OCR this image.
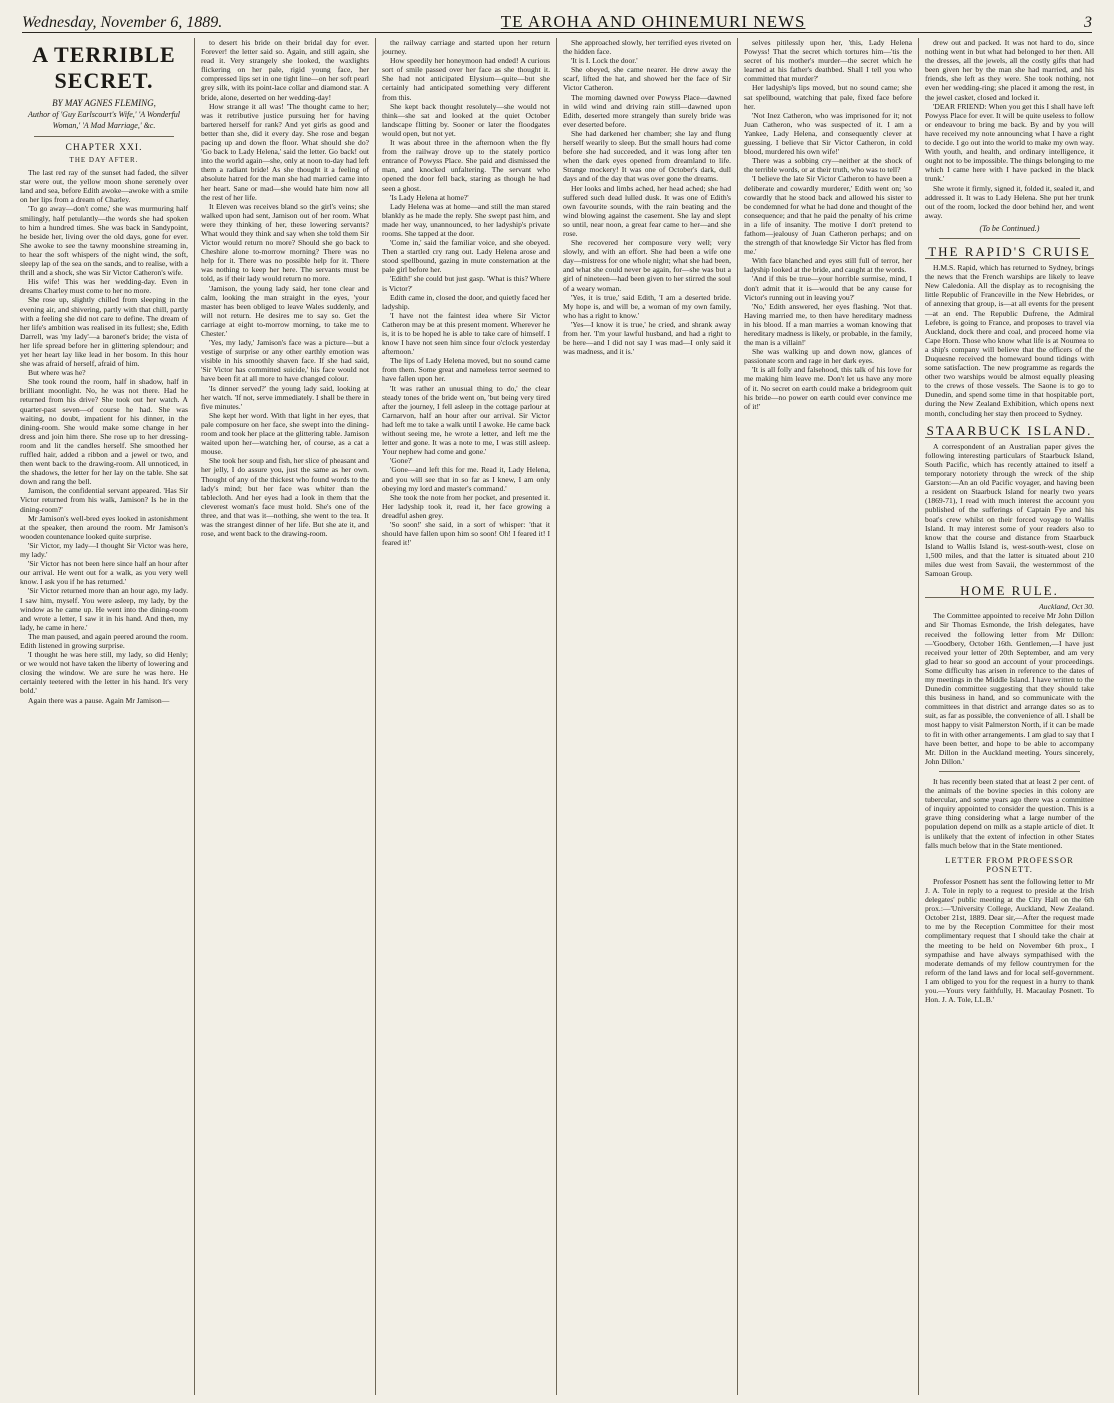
Wednesday, November 6, 1889.	TE AROHA AND OHINEMURI NEWS	3
A TERRIBLE SECRET.
BY MAY AGNES FLEMING,
Author of 'Guy Earlscourt's Wife,' 'A Wonderful Woman,' 'A Mad Marriage,' &c.
CHAPTER XXI.
THE DAY AFTER.

The last red ray of the sunset had faded, the silver star were out, the yellow moon shone serenely over land and sea, before Edith awoke—awoke with a smile on her lips from a dream of Charley.

'To go away—don't come,' she was murmuring half smilingly, half petulantly—the words she had spoken to him a hundred times. She was back in Sandypoint, he beside her, living over the old days, gone for ever. She awoke to see the tawny moonshine streaming in, to hear the soft whispers of the night wind, the soft, sleepy lap of the sea on the sands, and to realise, with a thrill and a shock, she was Sir Victor Catheron's wife.

His wife! This was her wedding-day. Even in dreams Charley must come to her no more.

She rose up, slightly chilled from sleeping in the evening air, and shivering, partly with that chill, partly with a feeling she did not care to define. The dream of her life's ambition was realised in its fullest; she, Edith Darrell, was 'my lady'—a baronet's bride; the vista of her life spread before her in glittering splendour; and yet her heart lay like lead in her bosom. In this hour she was afraid of herself, afraid of him.

But where was he?

She took round the room, half in shadow, half in brilliant moonlight. No, he was not there. Had he returned from his drive? She took out her watch. A quarter-past seven—of course he had. She was waiting, no doubt, impatient for his dinner, in the dining-room. She would make some change in her dress and join him there. She rose up to her dressing-room and lit the candles herself. She smoothed her ruffled hair, added a ribbon and a jewel or two, and then went back to the drawing-room. All unnoticed, in the shadows, the letter for her lay on the table. She sat down and rang the bell.

Jamison, the confidential servant appeared. 'Has Sir Victor returned from his walk, Jamison? Is he in the dining-room?'

Mr Jamison's well-bred eyes looked in astonishment at the speaker, then around the room. Mr Jamison's wooden countenance looked quite surprise.

'Sir Victor, my lady—I thought Sir Victor was here, my lady.'

'Sir Victor has not been here since half an hour after our arrival. He went out for a walk, as you very well know. I ask you if he has returned.'

'Sir Victor returned more than an hour ago, my lady. I saw him, myself. You were asleep, my lady, by the window as he came up. He went into the dining-room and wrote a letter, I saw it in his hand. And then, my lady, he came in here.'

The man paused, and again peered around the room. Edith listened in growing surprise.

'I thought he was here still, my lady, so did Henly; or we would not have taken the liberty of lowering and closing the window. We are sure he was here. He certainly teetered with the letter in his hand. It's very bold.'

Again there was a pause. Again Mr Jamison—

to desert his bride on their bridal day for ever. Forever! the letter said so. Again, and still again, she read it. Very strangely she looked, the waxlights flickering on her pale, rigid young face, her compressed lips set in one tight line—on her soft pearl grey silk, with its point-lace collar and diamond star. A bride, alone, deserted on her wedding-day!

How strange it all was! 'The thought came to her; was it retributive justice pursuing her for having bartered herself for rank? And yet girls as good and better than she, did it every day. She rose and began pacing up and down the floor. What should she do? 'Go back to Lady Helena,' said the letter. Go back! out into the world again—she, only at noon to-day had left them a radiant bride! As she thought it a feeling of absolute hatred for the man she had married came into her heart. Sane or mad—she would hate him now all the rest of her life.

It Eleven was receives bland so the girl's veins; she walked upon had sent, Jamison out of her room. What were they thinking of her, these lowering servants? What would they think and say when she told them Sir Victor would return no more? Should she go back to Cheshire alone to-morrow morning? There was no help for it. There was no possible help for it. There was nothing to keep her here. The servants must be told, as if their lady would return no more.

'Jamison, the young lady said, her tone clear and calm, looking the man straight in the eyes, 'your master has been obliged to leave Wales suddenly, and will not return. He desires me to say so. Get the carriage at eight to-morrow morning, to take me to Chester.'

'Yes, my lady,' Jamison's face was a picture—but a vestige of surprise or any other earthly emotion was visible in his smoothly shaven face. If she had said, 'Sir Victor has committed suicide,' his face would not have been fit at all more to have changed colour.

'Is dinner served?' the young lady said, looking at her watch. 'If not, serve immediately. I shall be there in five minutes.'

She kept her word. With that light in her eyes, that pale composure on her face, she swept into the dining-room and took her place at the glittering table. Jamison waited upon her—watching her, of course, as a cat a mouse.

She took her soup and fish, her slice of pheasant and her jelly, I do assure you, just the same as her own. Thought of any of the thickest who found words to the lady's mind; but her face was whiter than the tablecloth. And her eyes had a look in them that the cleverest woman's face must hold. She's one of the three, and that was it—nothing, she went to the tea. It was the strangest dinner of her life. But she ate it, and rose, and went back to the drawing-room.

the railway carriage and started upon her return journey.

How speedily her honeymoon had ended! A curious sort of smile passed over her face as she thought it. She had not anticipated Elysium—quite—but she certainly had anticipated something very different from this.

She kept back thought resolutely—she would not think—she sat and looked at the quiet October landscape flitting by. Sooner or later the floodgates would open, but not yet.

It was about three in the afternoon when the fly from the railway drove up to the stately portico entrance of Powyss Place. She paid and dismissed the man, and knocked unfaltering. The servant who opened the door fell back, staring as though he had seen a ghost.

'Is Lady Helena at home?'

Lady Helena was at home—and still the man stared blankly as he made the reply. She swept past him, and made her way, unannounced, to her ladyship's private rooms. She tapped at the door.

'Come in,' said the familiar voice, and she obeyed. Then a startled cry rang out. Lady Helena arose and stood spellbound, gazing in mute consternation at the pale girl before her.

'Edith!' she could but just gasp. 'What is this? Where is Victor?'

Edith came in, closed the door, and quietly faced her ladyship.

'I have not the faintest idea where Sir Victor Catheron may be at this present moment. Wherever he is, it is to be hoped he is able to take care of himself. I know I have not seen him since four o'clock yesterday afternoon.'

The lips of Lady Helena moved, but no sound came from them. Some great and nameless terror seemed to have fallen upon her.

'It was rather an unusual thing to do,' the clear steady tones of the bride went on, 'but being very tired after the journey, I fell asleep in the cottage parlour at Carnarvon, half an hour after our arrival. Sir Victor had left me to take a walk until I awoke. He came back without seeing me, he wrote a letter, and left me the letter and gone. It was a note to me, I was still asleep. Your nephew had come and gone.'

'Gone?'

'Gone—and left this for me. Read it, Lady Helena, and you will see that in so far as I knew, I am only obeying my lord and master's command.'

She took the note from her pocket, and presented it. Her ladyship took it, read it, her face growing a dreadful ashen grey.

'So soon!' she said, in a sort of whisper: 'that it should have fallen upon him so soon! Oh! I feared it! I feared it!'

She approached slowly, her terrified eyes riveted on the hidden face.

'It is I. Lock the door.'

She obeyed, she came nearer. He drew away the scarf, lifted the hat, and showed her the face of Sir Victor Catheron.

The morning dawned over Powyss Place—dawned in wild wind and driving rain still—dawned upon Edith, deserted more strangely than surely bride was ever deserted before.

She had darkened her chamber; she lay and flung herself wearily to sleep. But the small hours had come before she had succeeded, and it was long after ten when the dark eyes opened from dreamland to life. Strange mockery! It was one of October's dark, dull days and of the day that was over gone the dreams.

Her looks and limbs ached, her head ached; she had suffered such dead lulled dusk. It was one of Edith's own favourite sounds, with the rain beating and the wind blowing against the casement. She lay and slept so until, near noon, a great fear came to her—and she rose.

She recovered her composure very well; very slowly, and with an effort. She had been a wife one day—mistress for one whole night; what she had been, and what she could never be again, for—she was but a girl of nineteen—had been given to her stirred the soul of a weary woman.

'Yes, it is true,' said Edith, 'I am a deserted bride. My hope is, and will be, a woman of my own family, who has a right to know.'

'Yes—I know it is true,' he cried, and shrank away from her. 'I'm your lawful husband, and had a right to be here—and I did not say I was mad—I only said it was madness, and it is.'

selves pitilessly upon her, 'this, Lady Helena Powyss! That the secret which tortures him—'tis the secret of his mother's murder—the secret which he learned at his father's deathbed. Shall I tell you who committed that murder?'

Her ladyship's lips moved, but no sound came; she sat spellbound, watching that pale, fixed face before her.

'Not Inez Catheron, who was imprisoned for it; not Juan Catheron, who was suspected of it. I am a Yankee, Lady Helena, and consequently clever at guessing. I believe that Sir Victor Catheron, in cold blood, murdered his own wife!'

There was a sobbing cry—neither at the shock of the terrible words, or at their truth, who was to tell?

'I believe the late Sir Victor Catheron to have been a deliberate and cowardly murderer,' Edith went on; 'so cowardly that he stood back and allowed his sister to be condemned for what he had done and thought of the consequence; and that he paid the penalty of his crime in a life of insanity. The motive I don't pretend to fathom—jealousy of Juan Catheron perhaps; and on the strength of that knowledge Sir Victor has fled from me.'

With face blanched and eyes still full of terror, her ladyship looked at the bride, and caught at the words.

'And if this be true—your horrible surmise, mind, I don't admit that it is—would that be any cause for Victor's running out in leaving you?'

'No,' Edith answered, her eyes flashing. 'Not that. Having married me, to then have hereditary madness in his blood. If a man marries a woman knowing that hereditary madness is likely, or probable, in the family, the man is a villain!'

She was walking up and down now, glances of passionate scorn and rage in her dark eyes.

'It is all folly and falsehood, this talk of his love for me making him leave me. Don't let us have any more of it. No secret on earth could make a bridegroom quit his bride—no power on earth could ever convince me of it!'

drew out and packed. It was not hard to do, since nothing went in but what had belonged to her then. All the dresses, all the jewels, all the costly gifts that had been given her by the man she had married, and his friends, she left as they were. She took nothing, not even her wedding-ring; she placed it among the rest, in the jewel casket, closed and locked it.

'DEAR FRIEND: When you get this I shall have left Powyss Place for ever. It will be quite useless to follow or endeavour to bring me back. By and by you will have received my note announcing what I have a right to decide. I go out into the world to make my own way. With youth, and health, and ordinary intelligence, it ought not to be impossible. The things belonging to me which I came here with I have packed in the black trunk.'

She wrote it firmly, signed it, folded it, sealed it, and addressed it. It was to Lady Helena. She put her trunk out of the room, locked the door behind her, and went away.

(To be Continued.)
THE RAPID'S CRUISE

H.M.S. Rapid, which has returned to Sydney, brings the news that the French warships are likely to leave New Caledonia. All the display as to recognising the little Republic of Franceville in the New Hebrides, or of annexing that group, is—at all events for the present—at an end. The Republic Dufrene, the Admiral Lefebre, is going to France, and proposes to travel via Auckland, dock there and coal, and proceed home via Cape Horn. Those who know what life is at Noumea to a ship's company will believe that the officers of the Duquesne received the homeward bound tidings with some satisfaction. The new programme as regards the other two warships would be almost equally pleasing to the crews of those vessels. The Saone is to go to Dunedin, and spend some time in that hospitable port, during the New Zealand Exhibition, which opens next month, concluding her stay then proceed to Sydney.

STAARBUCK ISLAND.

A correspondent of an Australian paper gives the following interesting particulars of Staarbuck Island, South Pacific, which has recently attained to itself a temporary notoriety through the wreck of the ship Garston:—An an old Pacific voyager, and having been a resident on Staarbuck Island for nearly two years (1869-71), I read with much interest the account you published of the sufferings of Captain Fye and his boat's crew whilst on their forced voyage to Wallis Island. It may interest some of your readers also to know that the course and distance from Staarbuck Island to Wallis Island is, west-south-west, close on 1,500 miles, and that the latter is situated about 210 miles due west from Savaii, the westernmost of the Samoan Group.

HOME RULE.
Auckland, Oct 30.

The Committee appointed to receive Mr John Dillon and Sir Thomas Esmonde, the Irish delegates, have received the following letter from Mr Dillon:—'Goodbery, October 16th. Gentlemen,—I have just received your letter of 20th September, and am very glad to hear so good an account of your proceedings. Some difficulty has arisen in reference to the dates of my meetings in the Middle Island. I have written to the Dunedin committee suggesting that they should take this business in hand, and so communicate with the committees in that district and arrange dates so as to suit, as far as possible, the convenience of all. I shall be most happy to visit Palmerston North, if it can be made to fit in with other arrangements. I am glad to say that I have been better, and hope to be able to accompany Mr. Dillon in the Auckland meeting. Yours sincerely, John Dillon.'

It has recently been stated that at least 2 per cent. of the animals of the bovine species in this colony are tubercular, and some years ago there was a committee of inquiry appointed to consider the question. This is a grave thing considering what a large number of the population depend on milk as a staple article of diet. It is unlikely that the extent of infection in other States falls much below that in the State mentioned.

LETTER FROM PROFESSOR POSNETT.

Professor Posnett has sent the following letter to Mr J. A. Tole in reply to a request to preside at the Irish delegates' public meeting at the City Hall on the 6th prox.:—'University College, Auckland, New Zealand. October 21st, 1889. Dear sir,—After the request made to me by the Reception Committee for their most complimentary request that I should take the chair at the meeting to be held on November 6th prox., I sympathise and have always sympathised with the moderate demands of my fellow countrymen for the reform of the land laws and for local self-government. I am obliged to you for the request in a hurry to thank you.—Yours very faithfully, H. Macaulay Posnett. To Hon. J. A. Tole, LL.B.'
